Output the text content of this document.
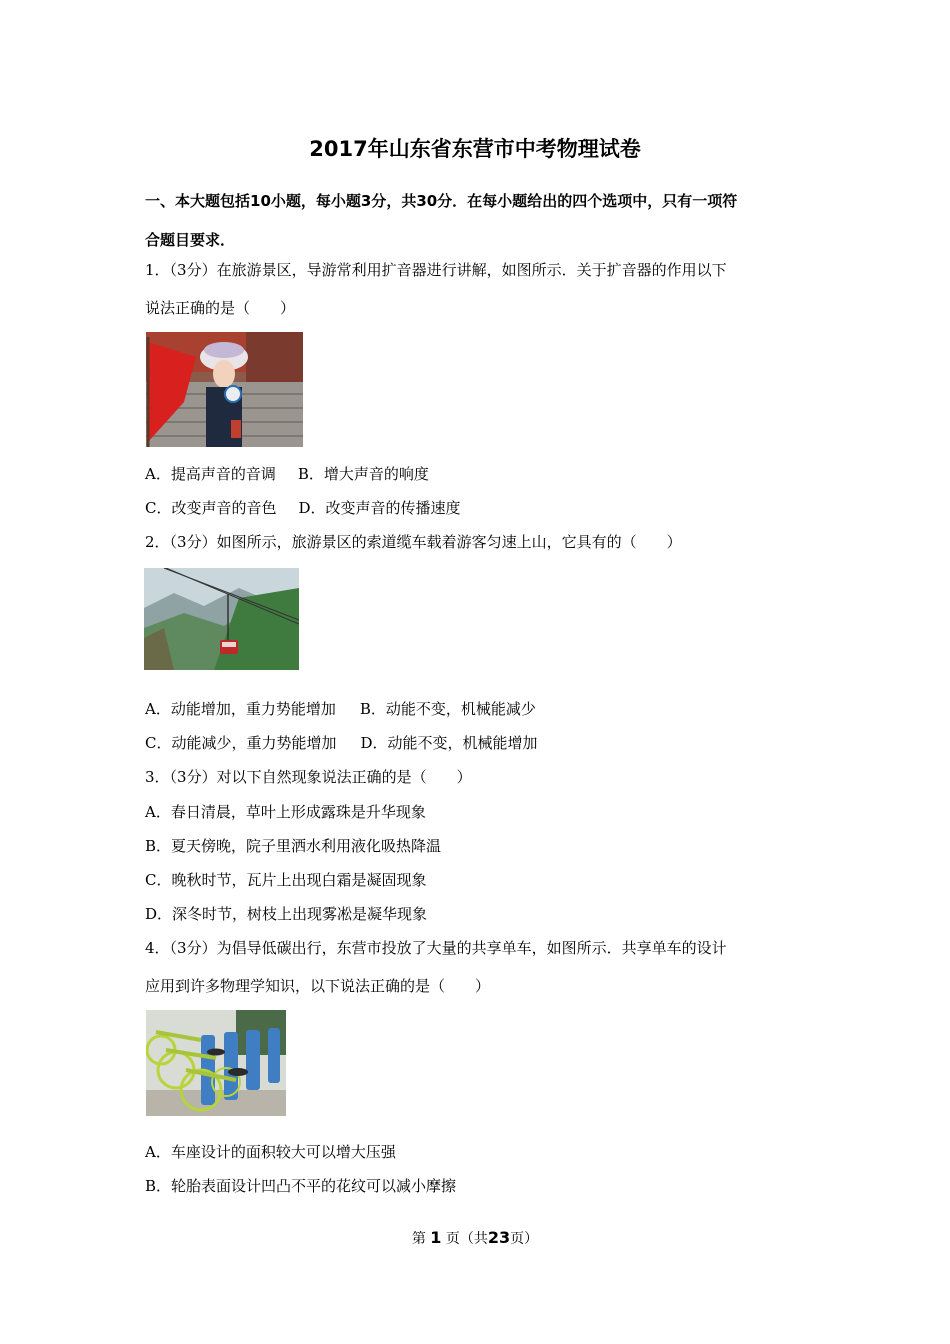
2017年山东省东营市中考物理试卷
一、本大题包括10小题，每小题3分，共30分．在每小题给出的四个选项中，只有一项符
合题目要求．
1．（3分）在旅游景区，导游常利用扩音器进行讲解，如图所示．关于扩音器的作用以下
说法正确的是（　　）
A．提高声音的音调 B．增大声音的响度
C．改变声音的音色 D．改变声音的传播速度
2．（3分）如图所示，旅游景区的索道缆车载着游客匀速上山，它具有的（　　）
A．动能增加，重力势能增加 B．动能不变，机械能减少
C．动能减少，重力势能增加 D．动能不变，机械能增加
3．（3分）对以下自然现象说法正确的是（　　）
A．春日清晨，草叶上形成露珠是升华现象
B．夏天傍晚，院子里洒水利用液化吸热降温
C．晚秋时节，瓦片上出现白霜是凝固现象
D．深冬时节，树枝上出现雾凇是凝华现象
4．（3分）为倡导低碳出行，东营市投放了大量的共享单车，如图所示．共享单车的设计
应用到许多物理学知识，以下说法正确的是（　　）
A．车座设计的面积较大可以增大压强
B．轮胎表面设计凹凸不平的花纹可以减小摩擦
第 1 页（共23页）
